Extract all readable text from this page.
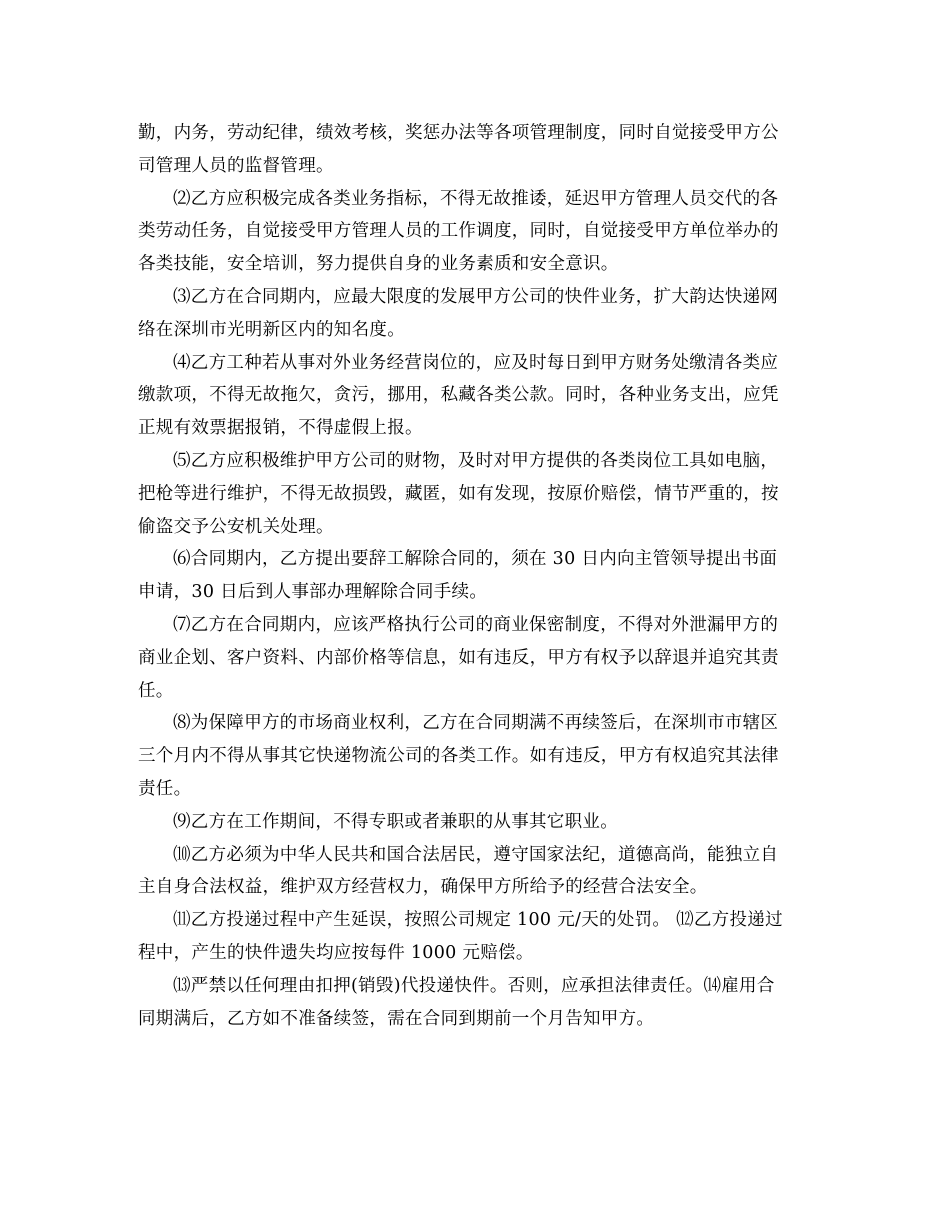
勤，内务，劳动纪律，绩效考核，奖惩办法等各项管理制度，同时自觉接受甲方公
司管理人员的监督管理。
⑵乙方应积极完成各类业务指标，不得无故推诿，延迟甲方管理人员交代的各
类劳动任务，自觉接受甲方管理人员的工作调度，同时，自觉接受甲方单位举办的
各类技能，安全培训，努力提供自身的业务素质和安全意识。
⑶乙方在合同期内，应最大限度的发展甲方公司的快件业务，扩大韵达快递网
络在深圳市光明新区内的知名度。
⑷乙方工种若从事对外业务经营岗位的，应及时每日到甲方财务处缴清各类应
缴款项，不得无故拖欠，贪污，挪用，私藏各类公款。同时，各种业务支出，应凭
正规有效票据报销，不得虚假上报。
⑸乙方应积极维护甲方公司的财物，及时对甲方提供的各类岗位工具如电脑，
把枪等进行维护，不得无故损毁，藏匿，如有发现，按原价赔偿，情节严重的，按
偷盗交予公安机关处理。
⑹合同期内，乙方提出要辞工解除合同的，须在 30 日内向主管领导提出书面
申请，30 日后到人事部办理解除合同手续。
⑺乙方在合同期内，应该严格执行公司的商业保密制度，不得对外泄漏甲方的
商业企划、客户资料、内部价格等信息，如有违反，甲方有权予以辞退并追究其责
任。
⑻为保障甲方的市场商业权利，乙方在合同期满不再续签后，在深圳市市辖区
三个月内不得从事其它快递物流公司的各类工作。如有违反，甲方有权追究其法律
责任。
⑼乙方在工作期间，不得专职或者兼职的从事其它职业。
⑽乙方必须为中华人民共和国合法居民，遵守国家法纪，道德高尚，能独立自
主自身合法权益，维护双方经营权力，确保甲方所给予的经营合法安全。
⑾乙方投递过程中产生延误，按照公司规定 100 元/天的处罚。 ⑿乙方投递过
程中，产生的快件遗失均应按每件 1000 元赔偿。
⒀严禁以任何理由扣押(销毁)代投递快件。否则，应承担法律责任。⒁雇用合
同期满后，乙方如不准备续签，需在合同到期前一个月告知甲方。
